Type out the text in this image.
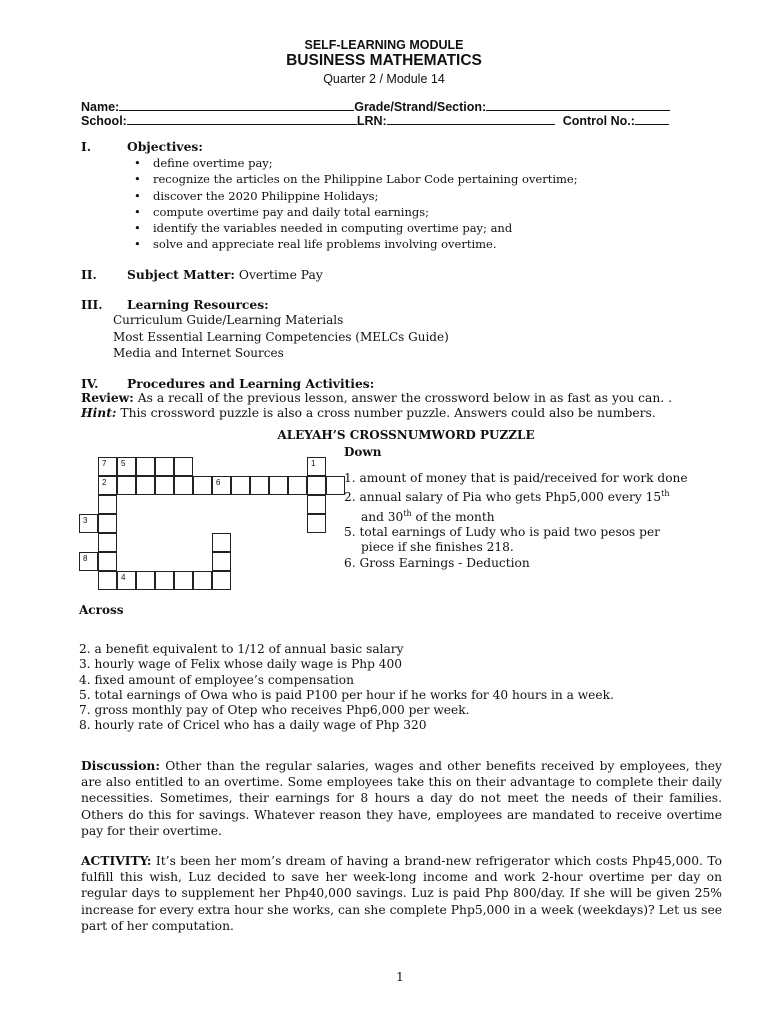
SELF-LEARNING MODULE
BUSINESS MATHEMATICS
Quarter 2 / Module 14
Name:	Grade/Strand/Section:
School:	LRN:	Control No.:
I.	Objectives:
• define overtime pay;
• recognize the articles on the Philippine Labor Code pertaining overtime;
• discover the 2020 Philippine Holidays;
• compute overtime pay and daily total earnings;
• identify the variables needed in computing overtime pay; and
• solve and appreciate real life problems involving overtime.
II. Subject Matter: Overtime Pay
III. Learning Resources:
Curriculum Guide/Learning Materials
Most Essential Learning Competencies (MELCs Guide)
Media and Internet Sources
IV. Procedures and Learning Activities:
Review: As a recall of the previous lesson, answer the crossword below in as fast as you can. .
Hint: This crossword puzzle is also a cross number puzzle. Answers could also be numbers.
ALEYAH’S CROSSNUMWORD PUZZLE
7 5	1
2	6
3
8
4
Down
1. amount of money that is paid/received for work done
2. annual salary of Pia who gets Php5,000 every 15th
and 30th of the month
5. total earnings of Ludy who is paid two pesos per
piece if she finishes 218.
6. Gross Earnings - Deduction
Across
2. a benefit equivalent to 1/12 of annual basic salary
3. hourly wage of Felix whose daily wage is Php 400
4. fixed amount of employee’s compensation
5. total earnings of Owa who is paid P100 per hour if he works for 40 hours in a week.
7. gross monthly pay of Otep who receives Php6,000 per week.
8. hourly rate of Cricel who has a daily wage of Php 320

Discussion: Other than the regular salaries, wages and other benefits received by employees, they are also entitled to an overtime. Some employees take this on their advantage to complete their daily necessities. Sometimes, their earnings for 8 hours a day do not meet the needs of their families. Others do this for savings. Whatever reason they have, employees are mandated to receive overtime pay for their overtime.

ACTIVITY: It’s been her mom’s dream of having a brand-new refrigerator which costs Php45,000. To fulfill this wish, Luz decided to save her week-long income and work 2-hour overtime per day on regular days to supplement her Php40,000 savings. Luz is paid Php 800/day. If she will be given 25% increase for every extra hour she works, can she complete Php5,000 in a week (weekdays)? Let us see part of her computation.

1
